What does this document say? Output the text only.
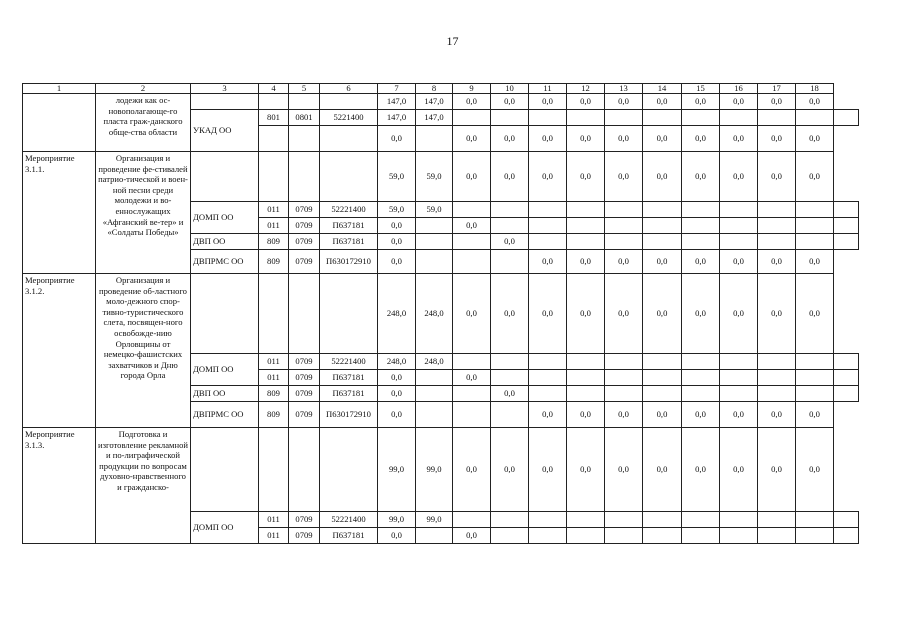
17
1	2	3	4	5	6	7	8	9	10	11	12	13	14	15	16	17	18	
	лодежи как ос-новополагающе-го пласта граж-данского обще-ства области					147,0	147,0	0,0	0,0	0,0	0,0	0,0	0,0	0,0	0,0	0,0	0,0	
		УКАД ОО	801	0801	5221400	147,0	147,0											
						0,0		0,0	0,0	0,0	0,0	0,0	0,0	0,0	0,0	0,0	0,0	
Мероприятие 3.1.1.	Организация и проведение фе-стивалей патрио-тической и воен-ной песни среди молодежи и во-еннослужащих «Афганский ве-тер» и «Солдаты Победы»					59,0	59,0	0,0	0,0	0,0	0,0	0,0	0,0	0,0	0,0	0,0	0,0	
		ДОМП ОО	011	0709	52221400	59,0	59,0											
			011	0709	П637181	0,0		0,0										
		ДВП ОО	809	0709	П637181	0,0			0,0									
		ДВПРМС ОО	809	0709	П630172910	0,0				0,0	0,0	0,0	0,0	0,0	0,0	0,0	0,0	
Мероприятие 3.1.2.	Организация и проведение об-ластного моло-дежного спор-тивно-туристического слета, посвящен-ного освобожде-нию Орловщины от немецко-фашистских захватчиков и Дню города Орла					248,0	248,0	0,0	0,0	0,0	0,0	0,0	0,0	0,0	0,0	0,0	0,0	
		ДОМП ОО	011	0709	52221400	248,0	248,0											
			011	0709	П637181	0,0		0,0										
		ДВП ОО	809	0709	П637181	0,0			0,0									
		ДВПРМС ОО	809	0709	П630172910	0,0				0,0	0,0	0,0	0,0	0,0	0,0	0,0	0,0	
Мероприятие 3.1.3.	Подготовка и изготовление рекламной и по-лиграфической продукции по вопросам духовно-нравственного и гражданско-					99,0	99,0	0,0	0,0	0,0	0,0	0,0	0,0	0,0	0,0	0,0	0,0	
		ДОМП ОО	011	0709	52221400	99,0	99,0											
			011	0709	П637181	0,0		0,0										
